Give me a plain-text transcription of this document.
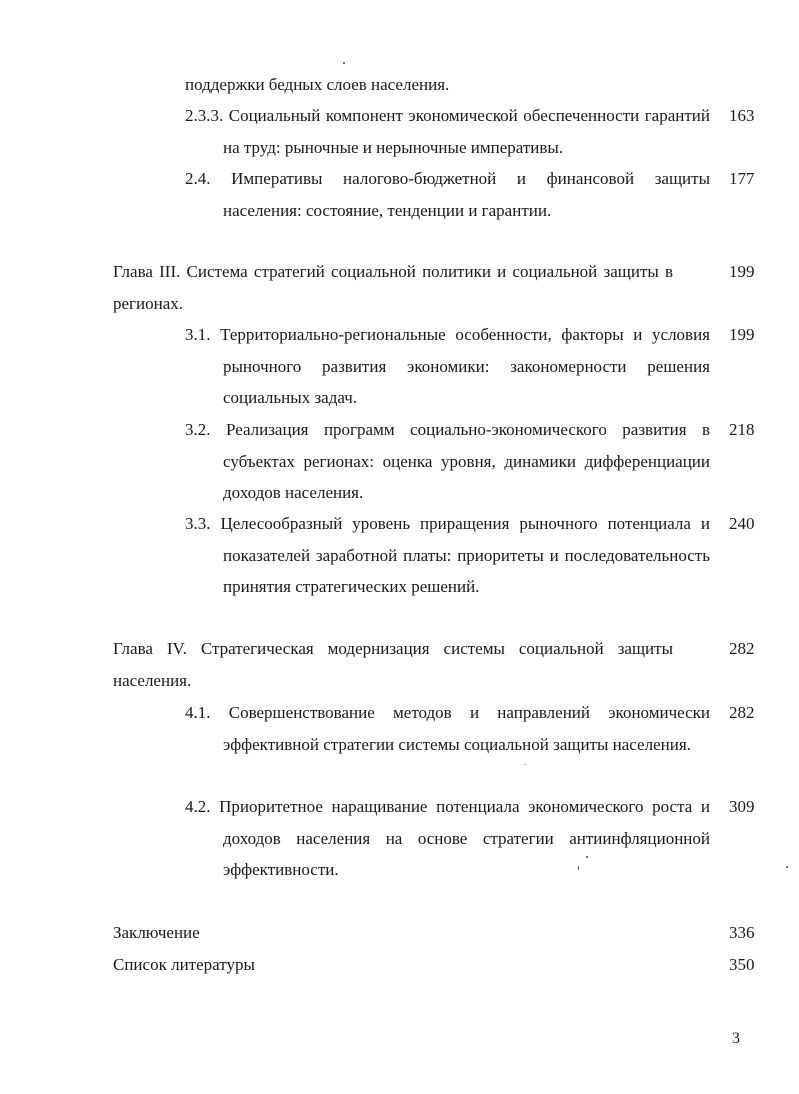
поддержки бедных слоев населения.
2.3.3. Социальный компонент экономической обеспеченности гарантий на труд: рыночные и нерыночные императивы.
163
2.4. Императивы налогово-бюджетной и финансовой защиты населения: состояние, тенденции и гарантии.
177
Глава III. Система стратегий социальной политики и социальной защиты в регионах.
199
3.1. Территориально-региональные особенности, факторы и условия рыночного развития экономики: закономерности решения социальных задач.
199
3.2. Реализация программ социально-экономического развития в субъектах регионах: оценка уровня, динамики дифференциации доходов населения.
218
3.3. Целесообразный уровень приращения рыночного потенциала и показателей заработной платы: приоритеты и последовательность принятия стратегических решений.
240
Глава IV. Стратегическая модернизация системы социальной защиты населения.
282
4.1. Совершенствование методов и направлений экономически эффективной стратегии системы социальной защиты населения.
282
4.2. Приоритетное наращивание потенциала экономического роста и доходов населения на основе стратегии антиинфляционной эффективности.
309
Заключение	336
Список литературы	350
3
